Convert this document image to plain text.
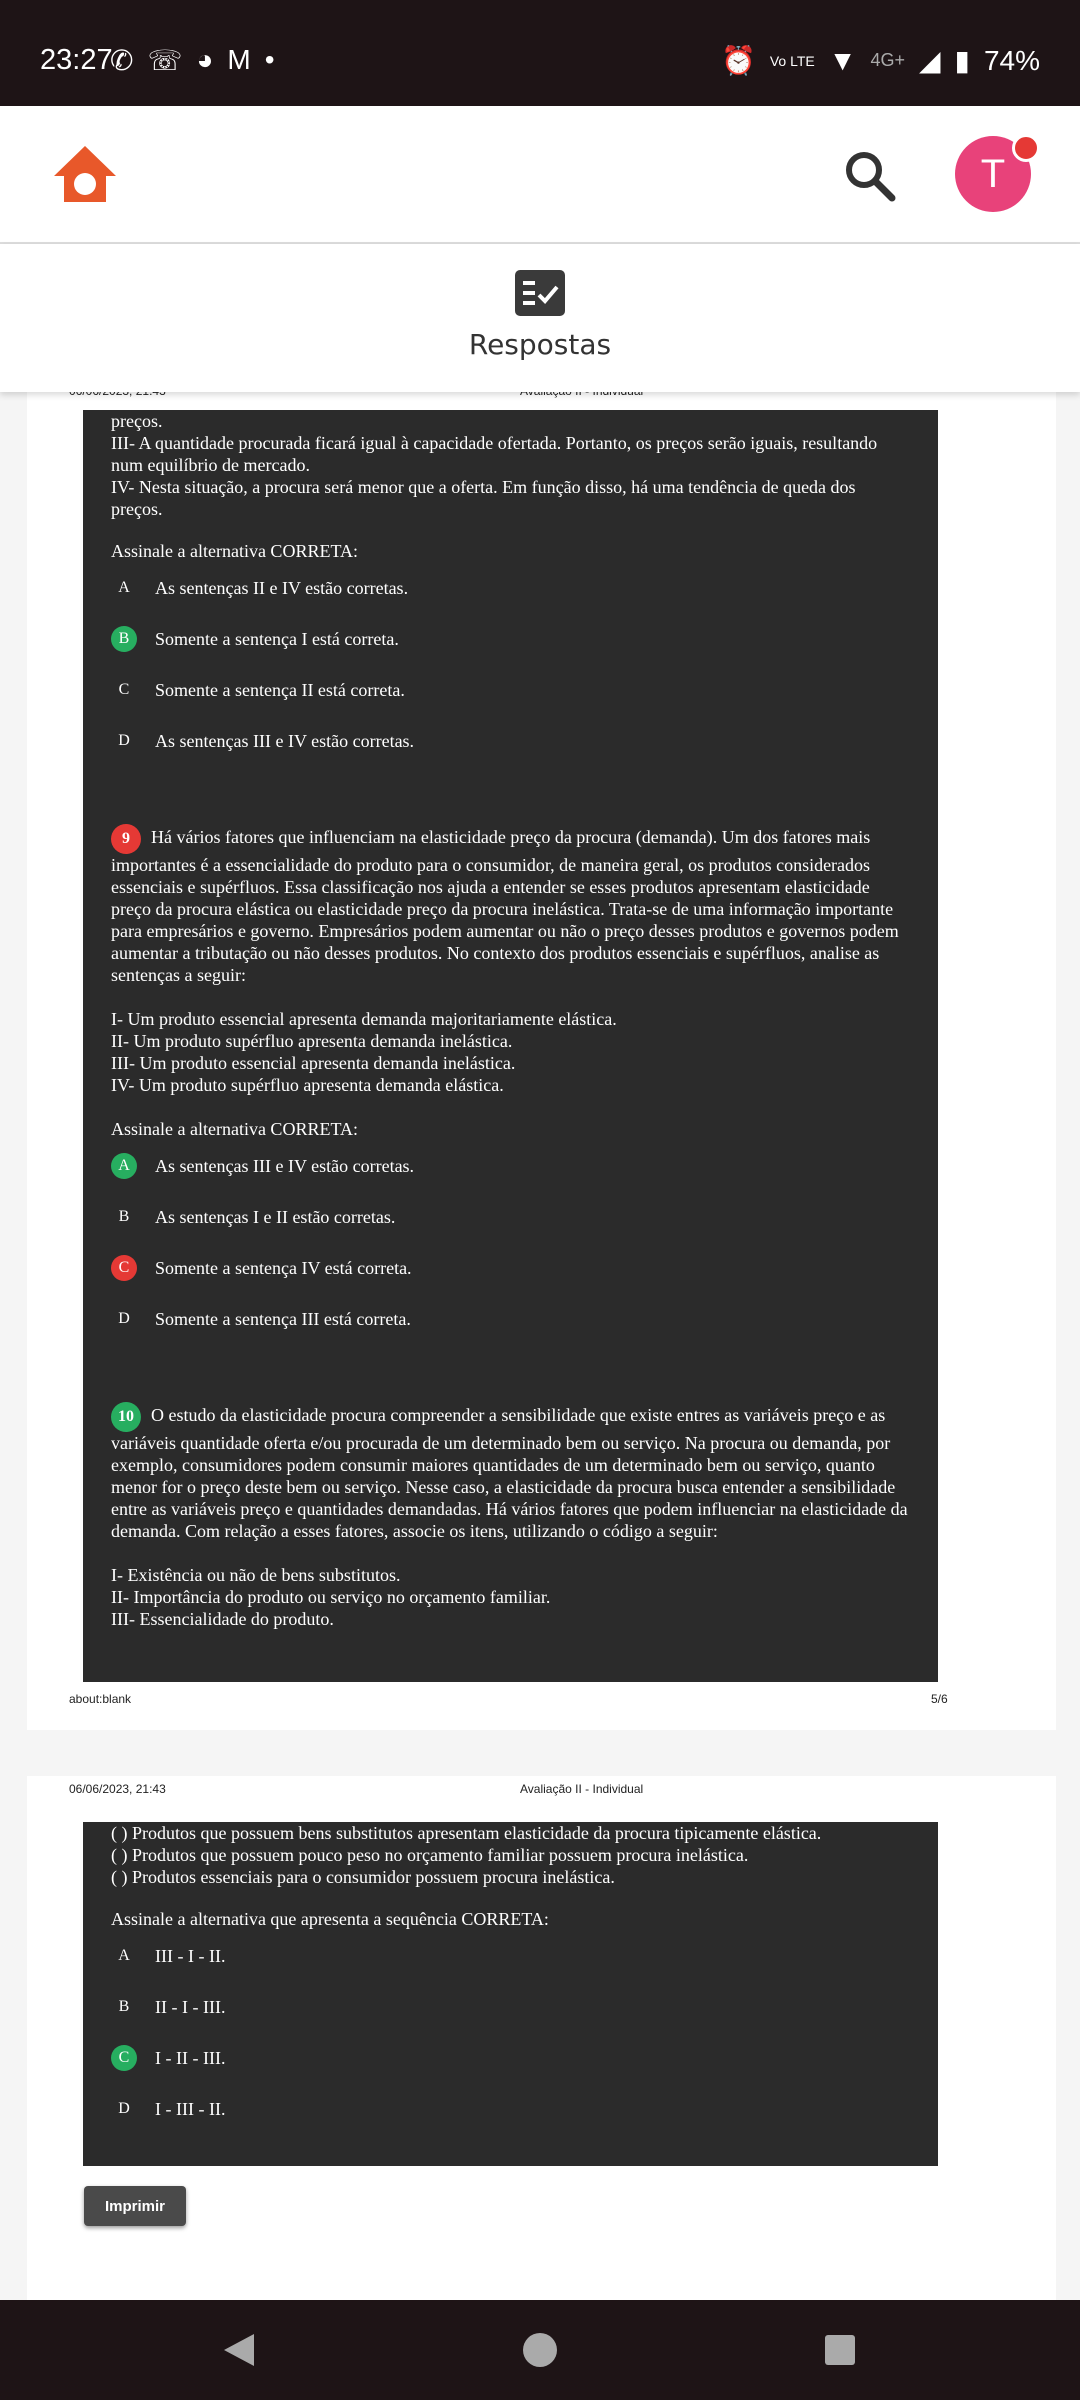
23:27
✆ ☏ ◕ M •	⏰ Vo LTE ▼ 4G+ ◢ ▮ 74%
T
Respostas

preços.

III- A quantidade procurada ficará igual à capacidade ofertada. Portanto, os preços serão iguais, resultando num equilíbrio de mercado.

IV- Nesta situação, a procura será menor que a oferta. Em função disso, há uma tendência de queda dos preços.

Assinale a alternativa CORRETA:

A	As sentenças II e IV estão corretas.
B	Somente a sentença I está correta.
C	Somente a sentença II está correta.
D	As sentenças III e IV estão corretas.

9 Há vários fatores que influenciam na elasticidade preço da procura (demanda). Um dos fatores mais importantes é a essencialidade do produto para o consumidor, de maneira geral, os produtos considerados essenciais e supérfluos. Essa classificação nos ajuda a entender se esses produtos apresentam elasticidade preço da procura elástica ou elasticidade preço da procura inelástica. Trata-se de uma informação importante para empresários e governo. Empresários podem aumentar ou não o preço desses produtos e governos podem aumentar a tributação ou não desses produtos. No contexto dos produtos essenciais e supérfluos, analise as sentenças a seguir:

I- Um produto essencial apresenta demanda majoritariamente elástica.

II- Um produto supérfluo apresenta demanda inelástica.

III- Um produto essencial apresenta demanda inelástica.

IV- Um produto supérfluo apresenta demanda elástica.

Assinale a alternativa CORRETA:

A	As sentenças III e IV estão corretas.
B	As sentenças I e II estão corretas.
C	Somente a sentença IV está correta.
D	Somente a sentença III está correta.

10 O estudo da elasticidade procura compreender a sensibilidade que existe entres as variáveis preço e as variáveis quantidade oferta e/ou procurada de um determinado bem ou serviço. Na procura ou demanda, por exemplo, consumidores podem consumir maiores quantidades de um determinado bem ou serviço, quanto menor for o preço deste bem ou serviço. Nesse caso, a elasticidade da procura busca entender a sensibilidade entre as variáveis preço e quantidades demandadas. Há vários fatores que podem influenciar na elasticidade da demanda. Com relação a esses fatores, associe os itens, utilizando o código a seguir:

I- Existência ou não de bens substitutos.

II- Importância do produto ou serviço no orçamento familiar.

III- Essencialidade do produto.

about:blank	5/6
06/06/2023, 21:43	Avaliação II - Individual

( ) Produtos que possuem bens substitutos apresentam elasticidade da procura tipicamente elástica.

( ) Produtos que possuem pouco peso no orçamento familiar possuem procura inelástica.

( ) Produtos essenciais para o consumidor possuem procura inelástica.

Assinale a alternativa que apresenta a sequência CORRETA:

A	III - I - II.
B	II - I - III.
C	I - II - III.
D	I - III - II.
Imprimir
